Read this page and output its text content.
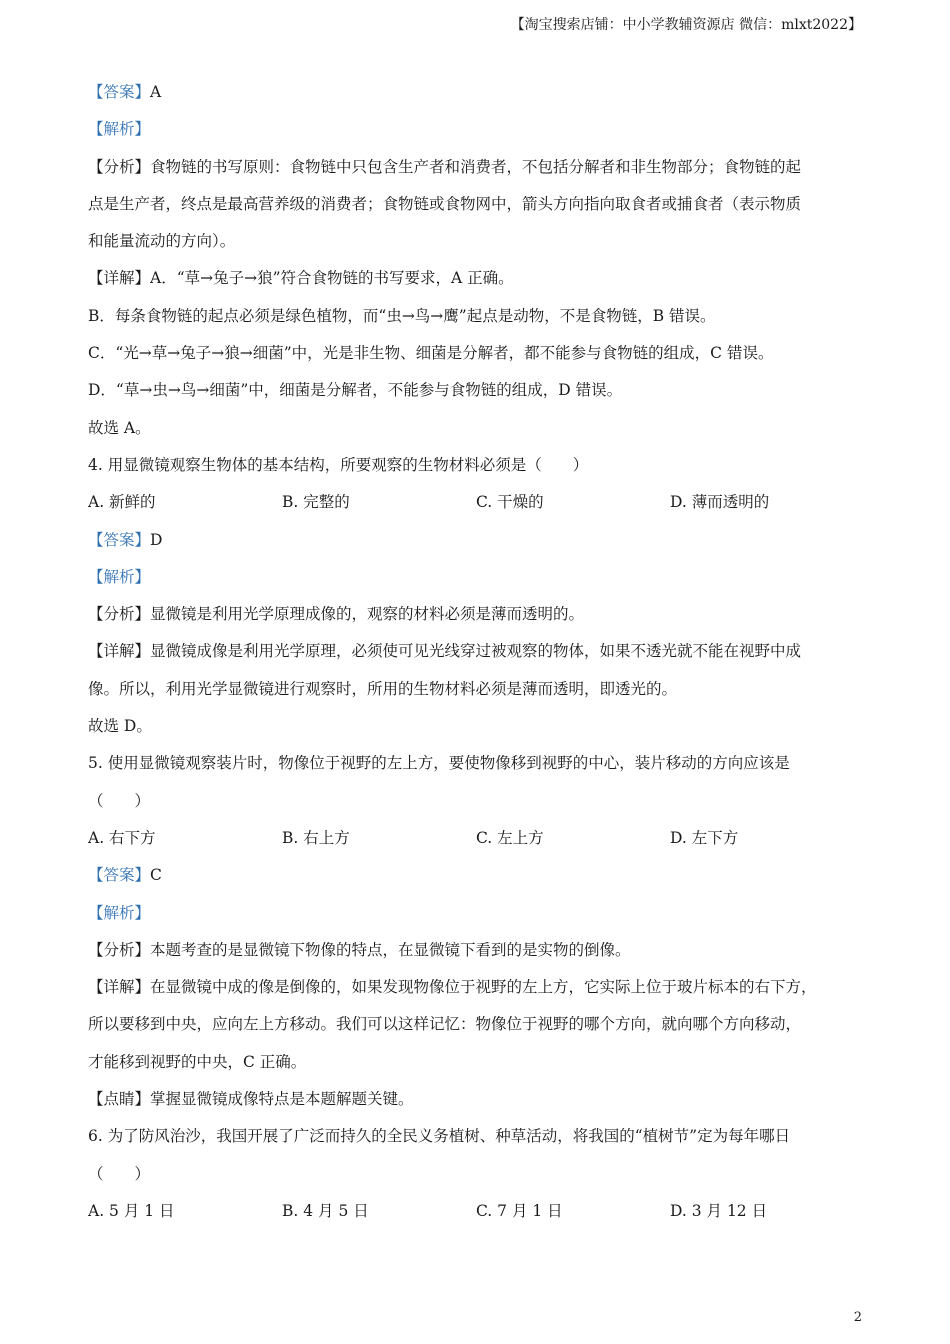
【淘宝搜索店铺：中小学教辅资源店 微信：mlxt2022】
【答案】A
【解析】
【分析】食物链的书写原则：食物链中只包含生产者和消费者，不包括分解者和非生物部分；食物链的起
点是生产者，终点是最高营养级的消费者；食物链或食物网中，箭头方向指向取食者或捕食者（表示物质
和能量流动的方向）。
【详解】A．“草→兔子→狼”符合食物链的书写要求，A 正确。
B．每条食物链的起点必须是绿色植物，而“虫→鸟→鹰”起点是动物，不是食物链，B 错误。
C．“光→草→兔子→狼→细菌”中，光是非生物、细菌是分解者，都不能参与食物链的组成，C 错误。
D．“草→虫→鸟→细菌”中，细菌是分解者，不能参与食物链的组成，D 错误。
故选 A。
4. 用显微镜观察生物体的基本结构，所要观察的生物材料必须是（　　）
A. 新鲜的	B. 完整的	C. 干燥的	D. 薄而透明的
【答案】D
【解析】
【分析】显微镜是利用光学原理成像的，观察的材料必须是薄而透明的。
【详解】显微镜成像是利用光学原理，必须使可见光线穿过被观察的物体，如果不透光就不能在视野中成
像。所以，利用光学显微镜进行观察时，所用的生物材料必须是薄而透明，即透光的。
故选 D。
5. 使用显微镜观察装片时，物像位于视野的左上方，要使物像移到视野的中心，装片移动的方向应该是
（　　）
A. 右下方	B. 右上方	C. 左上方	D. 左下方
【答案】C
【解析】
【分析】本题考查的是显微镜下物像的特点，在显微镜下看到的是实物的倒像。
【详解】在显微镜中成的像是倒像的，如果发现物像位于视野的左上方，它实际上位于玻片标本的右下方，
所以要移到中央，应向左上方移动。我们可以这样记忆：物像位于视野的哪个方向，就向哪个方向移动，
才能移到视野的中央，C 正确。
【点睛】掌握显微镜成像特点是本题解题关键。
6. 为了防风治沙，我国开展了广泛而持久的全民义务植树、种草活动，将我国的“植树节”定为每年哪日
（　　）
A. 5 月 1 日	B. 4 月 5 日	C. 7 月 1 日	D. 3 月 12 日
2
